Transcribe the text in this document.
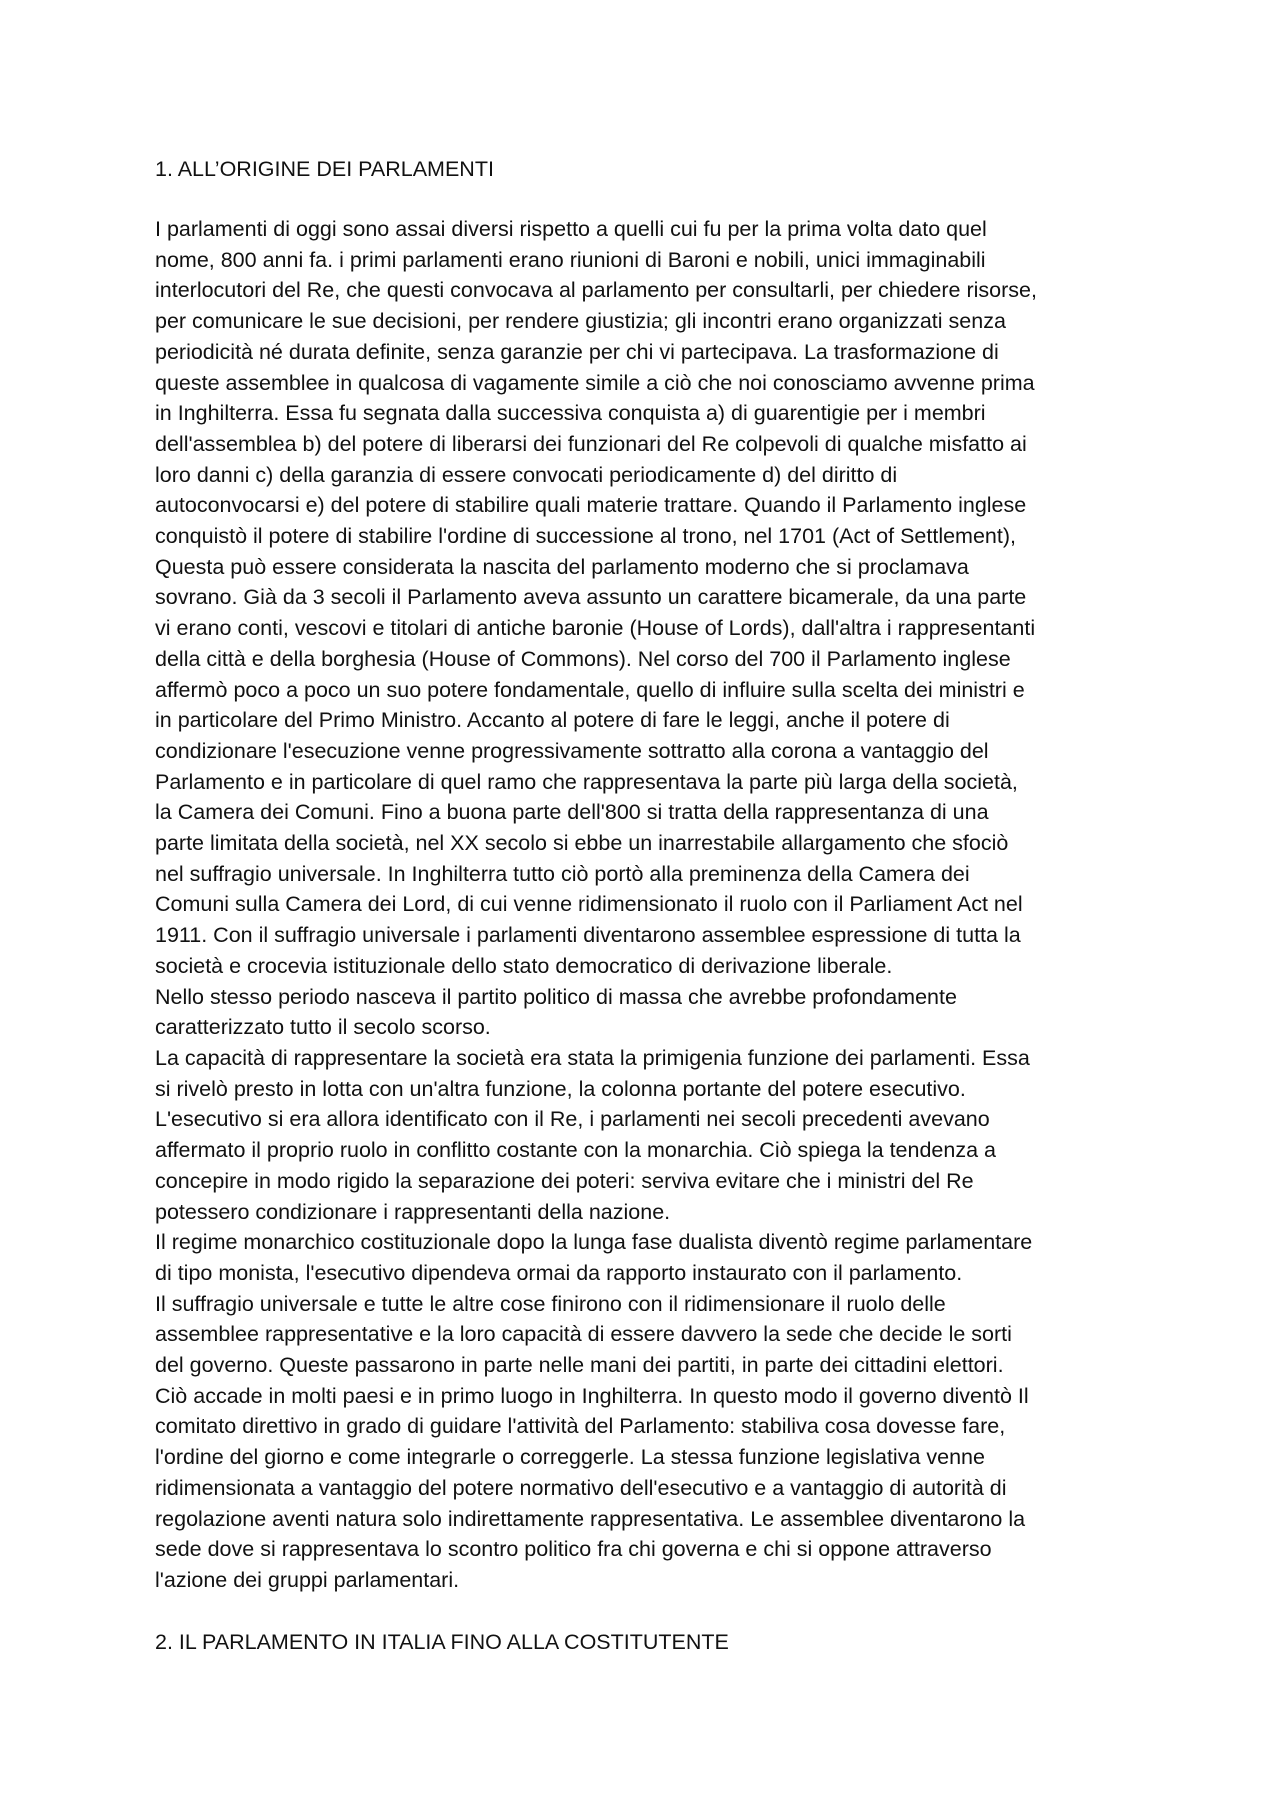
1. ALL’ORIGINE DEI PARLAMENTI

I parlamenti di oggi sono assai diversi rispetto a quelli cui fu per la prima volta dato quel
nome, 800 anni fa. i primi parlamenti erano riunioni di Baroni e nobili, unici immaginabili
interlocutori del Re, che questi convocava al parlamento per consultarli, per chiedere risorse,
per comunicare le sue decisioni, per rendere giustizia; gli incontri erano organizzati senza
periodicità né durata definite, senza garanzie per chi vi partecipava. La trasformazione di
queste assemblee in qualcosa di vagamente simile a ciò che noi conosciamo avvenne prima
in Inghilterra. Essa fu segnata dalla successiva conquista a) di guarentigie per i membri
dell'assemblea b) del potere di liberarsi dei funzionari del Re colpevoli di qualche misfatto ai
loro danni c) della garanzia di essere convocati periodicamente d) del diritto di
autoconvocarsi e) del potere di stabilire quali materie trattare. Quando il Parlamento inglese
conquistò il potere di stabilire l'ordine di successione al trono, nel 1701 (Act of Settlement),
Questa può essere considerata la nascita del parlamento moderno che si proclamava
sovrano. Già da 3 secoli il Parlamento aveva assunto un carattere bicamerale, da una parte
vi erano conti, vescovi e titolari di antiche baronie (House of Lords), dall'altra i rappresentanti
della città e della borghesia (House of Commons). Nel corso del 700 il Parlamento inglese
affermò poco a poco un suo potere fondamentale, quello di influire sulla scelta dei ministri e
in particolare del Primo Ministro. Accanto al potere di fare le leggi, anche il potere di
condizionare l'esecuzione venne progressivamente sottratto alla corona a vantaggio del
Parlamento e in particolare di quel ramo che rappresentava la parte più larga della società,
la Camera dei Comuni. Fino a buona parte dell'800 si tratta della rappresentanza di una
parte limitata della società, nel XX secolo si ebbe un inarrestabile allargamento che sfociò
nel suffragio universale. In Inghilterra tutto ciò portò alla preminenza della Camera dei
Comuni sulla Camera dei Lord, di cui venne ridimensionato il ruolo con il Parliament Act nel
1911. Con il suffragio universale i parlamenti diventarono assemblee espressione di tutta la
società e crocevia istituzionale dello stato democratico di derivazione liberale.

Nello stesso periodo nasceva il partito politico di massa che avrebbe profondamente
caratterizzato tutto il secolo scorso.

La capacità di rappresentare la società era stata la primigenia funzione dei parlamenti. Essa
si rivelò presto in lotta con un'altra funzione, la colonna portante del potere esecutivo.
L'esecutivo si era allora identificato con il Re, i parlamenti nei secoli precedenti avevano
affermato il proprio ruolo in conflitto costante con la monarchia. Ciò spiega la tendenza a
concepire in modo rigido la separazione dei poteri: serviva evitare che i ministri del Re
potessero condizionare i rappresentanti della nazione.

Il regime monarchico costituzionale dopo la lunga fase dualista diventò regime parlamentare
di tipo monista, l'esecutivo dipendeva ormai da rapporto instaurato con il parlamento.

Il suffragio universale e tutte le altre cose finirono con il ridimensionare il ruolo delle
assemblee rappresentative e la loro capacità di essere davvero la sede che decide le sorti
del governo. Queste passarono in parte nelle mani dei partiti, in parte dei cittadini elettori.
Ciò accade in molti paesi e in primo luogo in Inghilterra. In questo modo il governo diventò Il
comitato direttivo in grado di guidare l'attività del Parlamento: stabiliva cosa dovesse fare,
l'ordine del giorno e come integrarle o correggerle. La stessa funzione legislativa venne
ridimensionata a vantaggio del potere normativo dell'esecutivo e a vantaggio di autorità di
regolazione aventi natura solo indirettamente rappresentativa. Le assemblee diventarono la
sede dove si rappresentava lo scontro politico fra chi governa e chi si oppone attraverso
l'azione dei gruppi parlamentari.

2. IL PARLAMENTO IN ITALIA FINO ALLA COSTITUTENTE
